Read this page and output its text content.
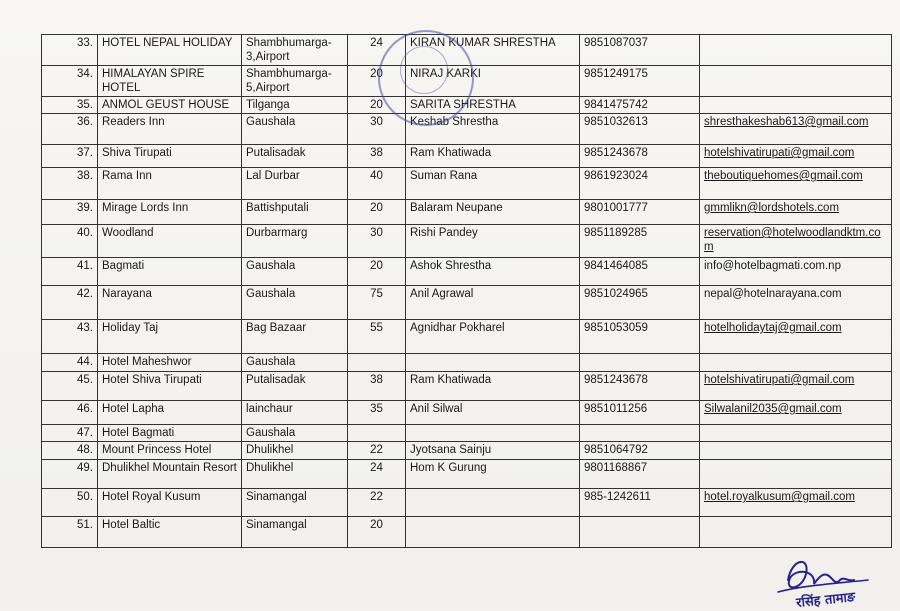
33.	HOTEL NEPAL HOLIDAY	Shambhumarga-3,Airport	24	KIRAN KUMAR SHRESTHA	9851087037	

34.	HIMALAYAN SPIRE HOTEL	Shambhumarga-5,Airport	20	NIRAJ KARKI	9851249175	

35.	ANMOL GEUST HOUSE	Tilganga	20	SARITA SHRESTHA	9841475742	

36.	Readers Inn	Gaushala	30	Keshab Shrestha	9851032613	shresthakeshab613@gmail.com

37.	Shiva Tirupati	Putalisadak	38	Ram Khatiwada	9851243678	hotelshivatirupati@gmail.com

38.	Rama Inn	Lal Durbar	40	Suman Rana	9861923024	theboutiquehomes@gmail.com

39.	Mirage Lords Inn	Battishputali	20	Balaram Neupane	9801001777	gmmlikn@lordshotels.com

40.	Woodland	Durbarmarg	30	Rishi Pandey	9851189285	reservation@hotelwoodlandktm.com

41.	Bagmati	Gaushala	20	Ashok Shrestha	9841464085	info@hotelbagmati.com.np

42.	Narayana	Gaushala	75	Anil Agrawal	9851024965	nepal@hotelnarayana.com

43.	Holiday Taj	Bag Bazaar	55	Agnidhar Pokharel	9851053059	hotelholidaytaj@gmail.com

44.	Hotel Maheshwor	Gaushala		

45.	Hotel Shiva Tirupati	Putalisadak	38	Ram Khatiwada	9851243678	hotelshivatirupati@gmail.com

46.	Hotel Lapha	lainchaur	35	Anil Silwal	9851011256	Silwalanil2035@gmail.com

47.	Hotel Bagmati	Gaushala		

48.	Mount Princess Hotel	Dhulikhel	22	Jyotsana Sainju	9851064792	

49.	Dhulikhel Mountain Resort	Dhulikhel	24	Hom K Gurung	9801168867	

50.	Hotel Royal Kusum	Sinamangal	22		985-1242611	hotel.royalkusum@gmail.com

51.	Hotel Baltic	Sinamangal	20	

रसिंह तामाङ
